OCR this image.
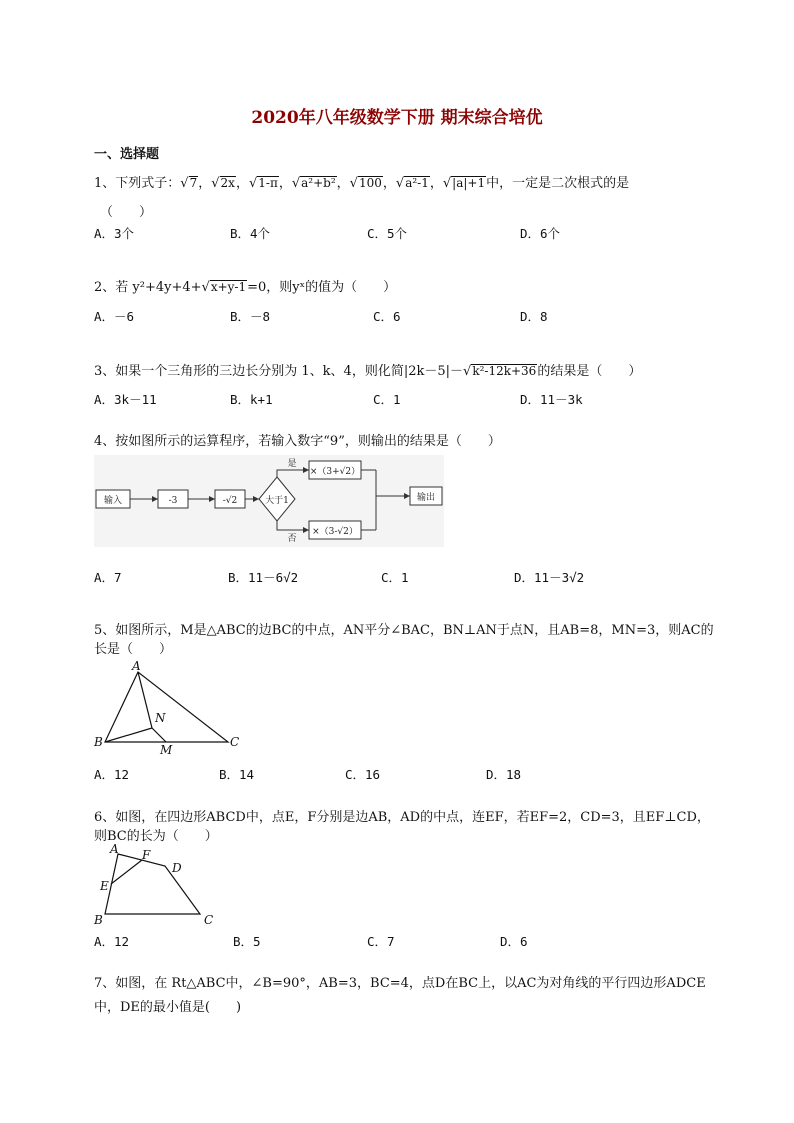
2020年八年级数学下册 期末综合培优
一、选择题
1、下列式子：√7，√2x，√1-π，√a²+b²，√100，√a²-1，√|a|+1中，一定是二次根式的是
（　　）
A．3个	B．4个	C．5个	D．6个
2、若 y²+4y+4+√x+y-1=0，则yˣ的值为（　　）
A．－6	B．－8	C．6	D．8
3、如果一个三角形的三边长分别为 1、k、4，则化简|2k－5|－√k²-12k+36的结果是（　　）
A．3k－11	B．k+1	C．1	D．11－3k
4、按如图所示的运算程序，若输入数字“9”，则输出的结果是（　　）
输入	-3	-√2	大于1
是
否
×（3+√2）
×（3-√2）
输出
A．7	B．11－6√2	C．1	D．11－3√2
5、如图所示，M是△ABC的边BC的中点，AN平分∠BAC，BN⊥AN于点N，且AB=8，MN=3，则AC的
长是（　　）
A
B	C
M
N
A．12	B．14	C．16	D．18
6、如图，在四边形ABCD中，点E，F分别是边AB，AD的中点，连EF，若EF=2，CD=3，且EF⊥CD，
则BC的长为（　　）
A F
D
E
B	C
A．12	B．5	C．7	D．6
7、如图，在 Rt△ABC中，∠B=90°，AB=3，BC=4，点D在BC上，以AC为对角线的平行四边形ADCE
中，DE的最小值是(　　)
